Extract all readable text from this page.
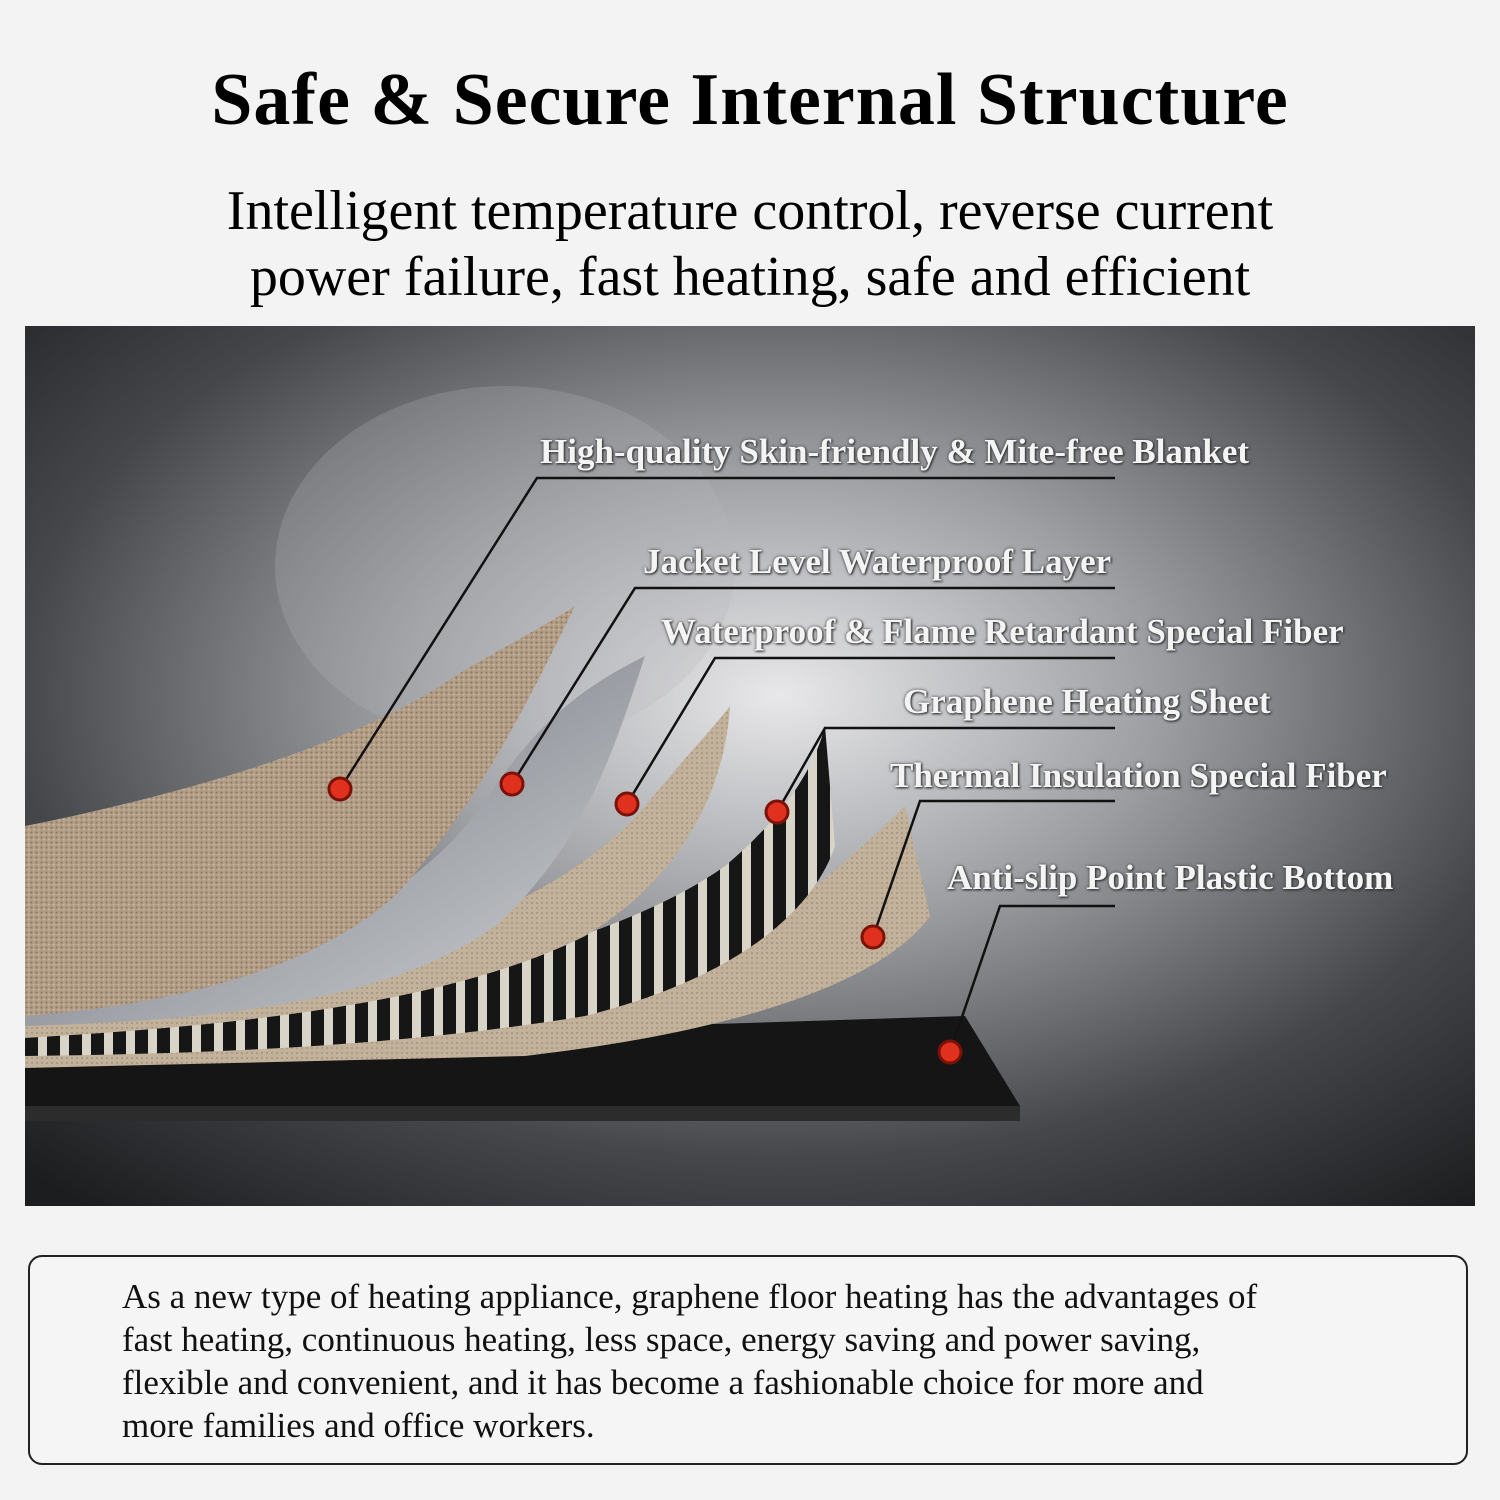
Safe & Secure Internal Structure
Intelligent temperature control, reverse current
power failure, fast heating, safe and efficient
High-quality Skin-friendly & Mite-free Blanket
Jacket Level Waterproof Layer
Waterproof & Flame Retardant Special Fiber
Graphene Heating Sheet
Thermal Insulation Special Fiber
Anti-slip Point Plastic Bottom
As a new type of heating appliance, graphene floor heating has the advantages of
fast heating, continuous heating, less space, energy saving and power saving,
flexible and convenient, and it has become a fashionable choice for more and
more families and office workers.
